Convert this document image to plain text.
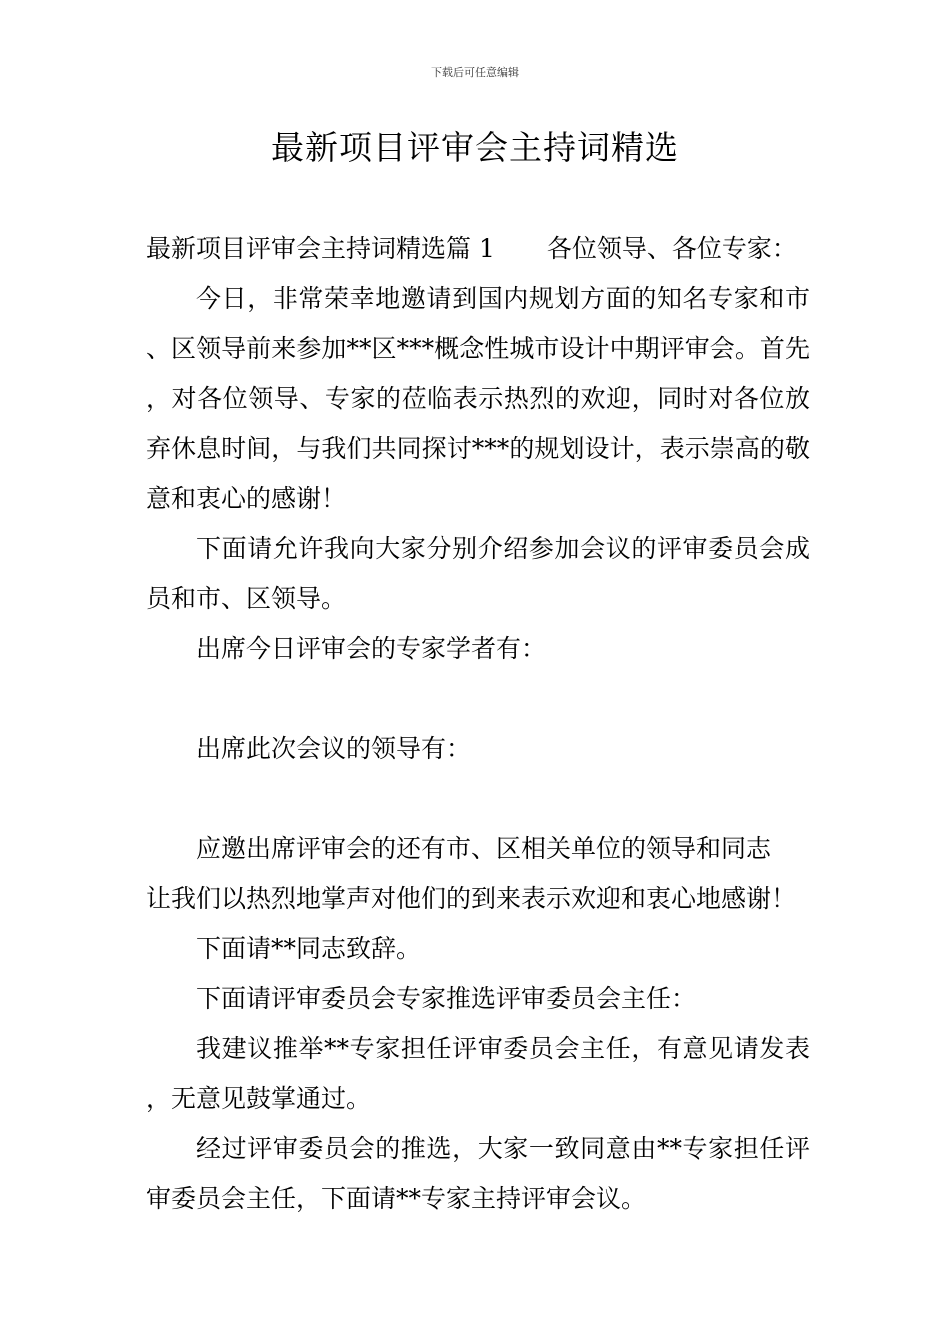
下载后可任意编辑
最新项目评审会主持词精选

最新项目评审会主持词精选篇 1 各位领导、各位专家：

今日，非常荣幸地邀请到国内规划方面的知名专家和市、区领导前来参加**区***概念性城市设计中期评审会。首先，对各位领导、专家的莅临表示热烈的欢迎，同时对各位放弃休息时间，与我们共同探讨***的规划设计，表示崇高的敬意和衷心的感谢！

下面请允许我向大家分别介绍参加会议的评审委员会成员和市、区领导。

出席今日评审会的专家学者有：

出席此次会议的领导有：

应邀出席评审会的还有市、区相关单位的领导和同志

让我们以热烈地掌声对他们的到来表示欢迎和衷心地感谢！

下面请**同志致辞。

下面请评审委员会专家推选评审委员会主任：

我建议推举**专家担任评审委员会主任，有意见请发表，无意见鼓掌通过。

经过评审委员会的推选，大家一致同意由**专家担任评审委员会主任，下面请**专家主持评审会议。
